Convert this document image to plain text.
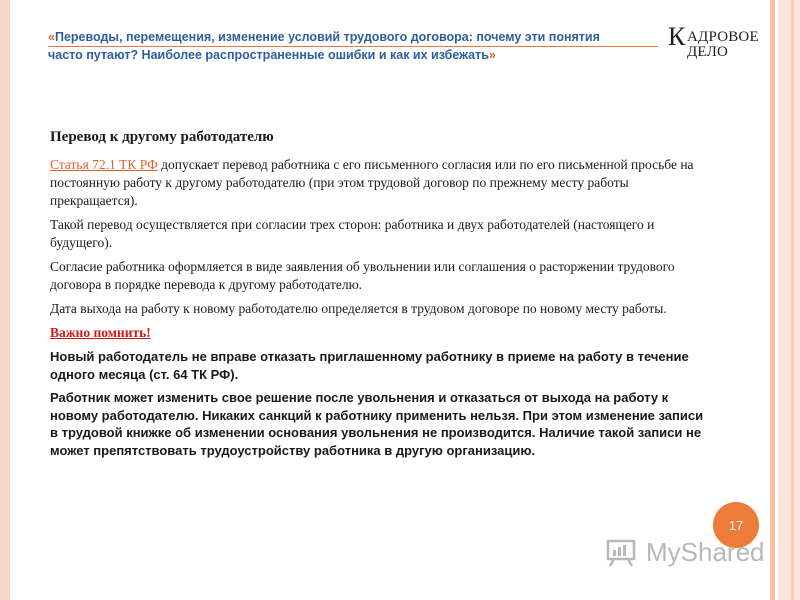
«Переводы, перемещения, изменение условий трудового договора: почему эти понятия часто путают? Наиболее распространенные ошибки и как их избежать»
К АДРОВОЕ
ДЕЛО
Перевод к другому работодателю

Статья 72.1 ТК РФ допускает перевод работника с его письменного согласия или по его письменной просьбе на постоянную работу к другому работодателю (при этом трудовой договор по прежнему месту работы прекращается).

Такой перевод осуществляется при согласии трех сторон: работника и двух работодателей (настоящего и будущего).

Согласие работника оформляется в виде заявления об увольнении или соглашения о расторжении трудового договора в порядке перевода к другому работодателю.

Дата выхода на работу к новому работодателю определяется в трудовом договоре по новому месту работы.

Важно помнить!

Новый работодатель не вправе отказать приглашенному работнику в приеме на работу в течение одного месяца (ст. 64 ТК РФ).

Работник может изменить свое решение после увольнения и отказаться от выхода на работу к новому работодателю. Никаких санкций к работнику применить нельзя. При этом изменение записи в трудовой книжке об изменении основания увольнения не производится. Наличие такой записи не может препятствовать трудоустройству работника в другую организацию.

17
MyShared
